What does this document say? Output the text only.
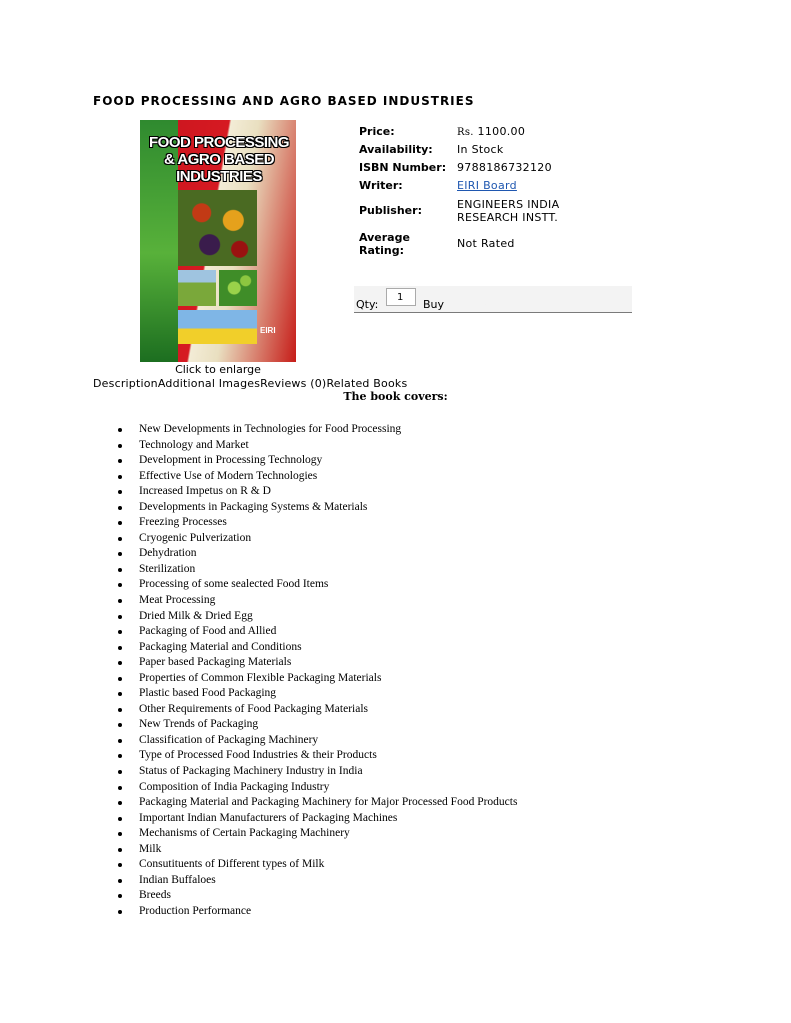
FOOD PROCESSING AND AGRO BASED INDUSTRIES
FOOD PROCESSING
& AGRO BASED
INDUSTRIES
EIRI
Click to enlarge
Price:	Rs. 1100.00
Availability:	In Stock
ISBN Number:	9788186732120
Writer:	EIRI Board
Publisher:	ENGINEERS INDIA
RESEARCH INSTT.

Average
Rating:	Not Rated
Qty:
1	Buy Checkout
DescriptionAdditional ImagesReviews (0)Related Books
The book covers:
New Developments in Technologies for Food Processing
Technology and Market
Development in Processing Technology
Effective Use of Modern Technologies
Increased Impetus on R & D
Developments in Packaging Systems & Materials
Freezing Processes
Cryogenic Pulverization
Dehydration
Sterilization
Processing of some sealected Food Items
Meat Processing
Dried Milk & Dried Egg
Packaging of Food and Allied
Packaging Material and Conditions
Paper based Packaging Materials
Properties of Common Flexible Packaging Materials
Plastic based Food Packaging
Other Requirements of Food Packaging Materials
New Trends of Packaging
Classification of Packaging Machinery
Type of Processed Food Industries & their Products
Status of Packaging Machinery Industry in India
Composition of India Packaging Industry
Packaging Material and Packaging Machinery for Major Processed Food Products
Important Indian Manufacturers of Packaging Machines
Mechanisms of Certain Packaging Machinery
Milk
Consutituents of Different types of Milk
Indian Buffaloes
Breeds
Production Performance
